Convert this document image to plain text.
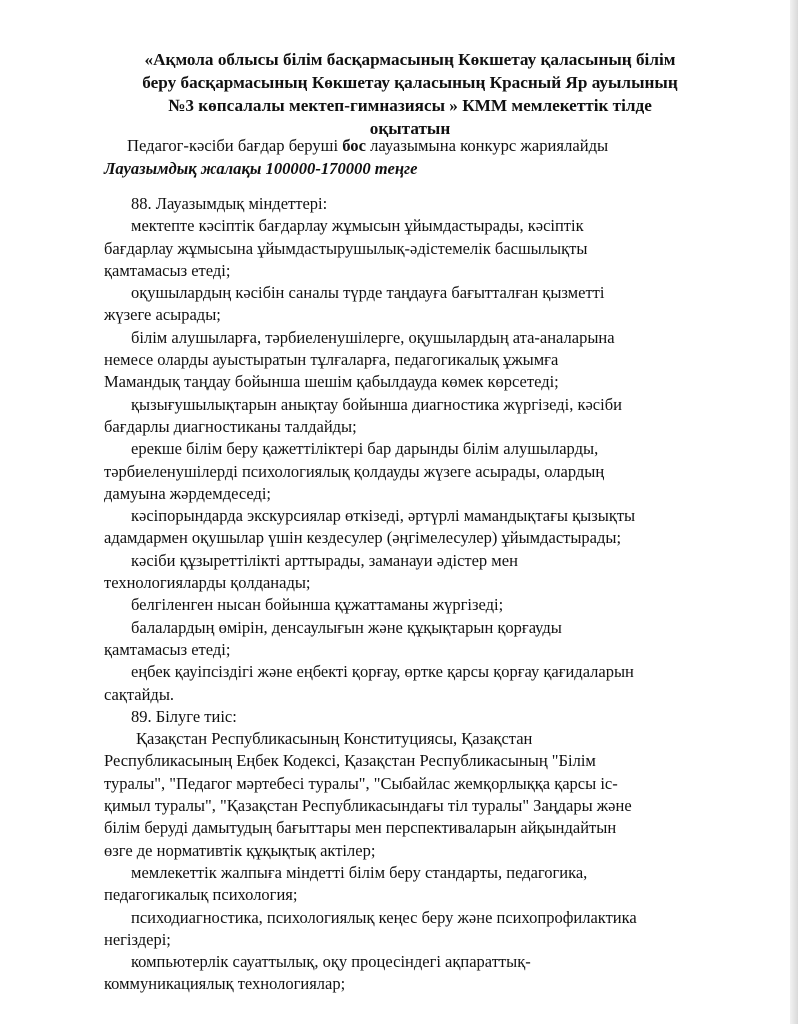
«Ақмола облысы білім басқармасының Көкшетау қаласының білім
беру басқармасының Көкшетау қаласының Красный Яр ауылының
№3 көпсалалы мектеп-гимназиясы » КММ мемлекеттік тілде
оқытатын
Педагог-кәсіби бағдар беруші бос лауазымына конкурс жариялайды
Лауазымдық жалақы 100000-170000 теңге
88. Лауазымдық міндеттері:
мектепте кәсіптік бағдарлау жұмысын ұйымдастырады, кәсіптік
бағдарлау жұмысына ұйымдастырушылық-әдістемелік басшылықты
қамтамасыз етеді;
оқушылардың кәсібін саналы түрде таңдауға бағытталған қызметті
жүзеге асырады;
білім алушыларға, тәрбиеленушілерге, оқушылардың ата-аналарына
немесе оларды ауыстыратын тұлғаларға, педагогикалық ұжымға
Мамандық таңдау бойынша шешім қабылдауда көмек көрсетеді;
қызығушылықтарын анықтау бойынша диагностика жүргізеді, кәсіби
бағдарлы диагностиканы талдайды;
ерекше білім беру қажеттіліктері бар дарынды білім алушыларды,
тәрбиеленушілерді психологиялық қолдауды жүзеге асырады, олардың
дамуына жәрдемдеседі;
кәсіпорындарда экскурсиялар өткізеді, әртүрлі мамандықтағы қызықты
адамдармен оқушылар үшін кездесулер (әңгімелесулер) ұйымдастырады;
кәсіби құзыреттілікті арттырады, заманауи әдістер мен
технологияларды қолданады;
белгіленген нысан бойынша құжаттаманы жүргізеді;
балалардың өмірін, денсаулығын және құқықтарын қорғауды
қамтамасыз етеді;
еңбек қауіпсіздігі және еңбекті қорғау, өртке қарсы қорғау қағидаларын
сақтайды.
89. Білуге тиіс:
Қазақстан Республикасының Конституциясы, Қазақстан
Республикасының Еңбек Кодексі, Қазақстан Республикасының "Білім
туралы", "Педагог мәртебесі туралы", "Сыбайлас жемқорлыққа қарсы іс-
қимыл туралы", "Қазақстан Республикасындағы тіл туралы" Заңдары және
білім беруді дамытудың бағыттары мен перспективаларын айқындайтын
өзге де нормативтік құқықтық актілер;
мемлекеттік жалпыға міндетті білім беру стандарты, педагогика,
педагогикалық психология;
психодиагностика, психологиялық кеңес беру және психопрофилактика
негіздері;
компьютерлік сауаттылық, оқу процесіндегі ақпараттық-
коммуникациялық технологиялар;
